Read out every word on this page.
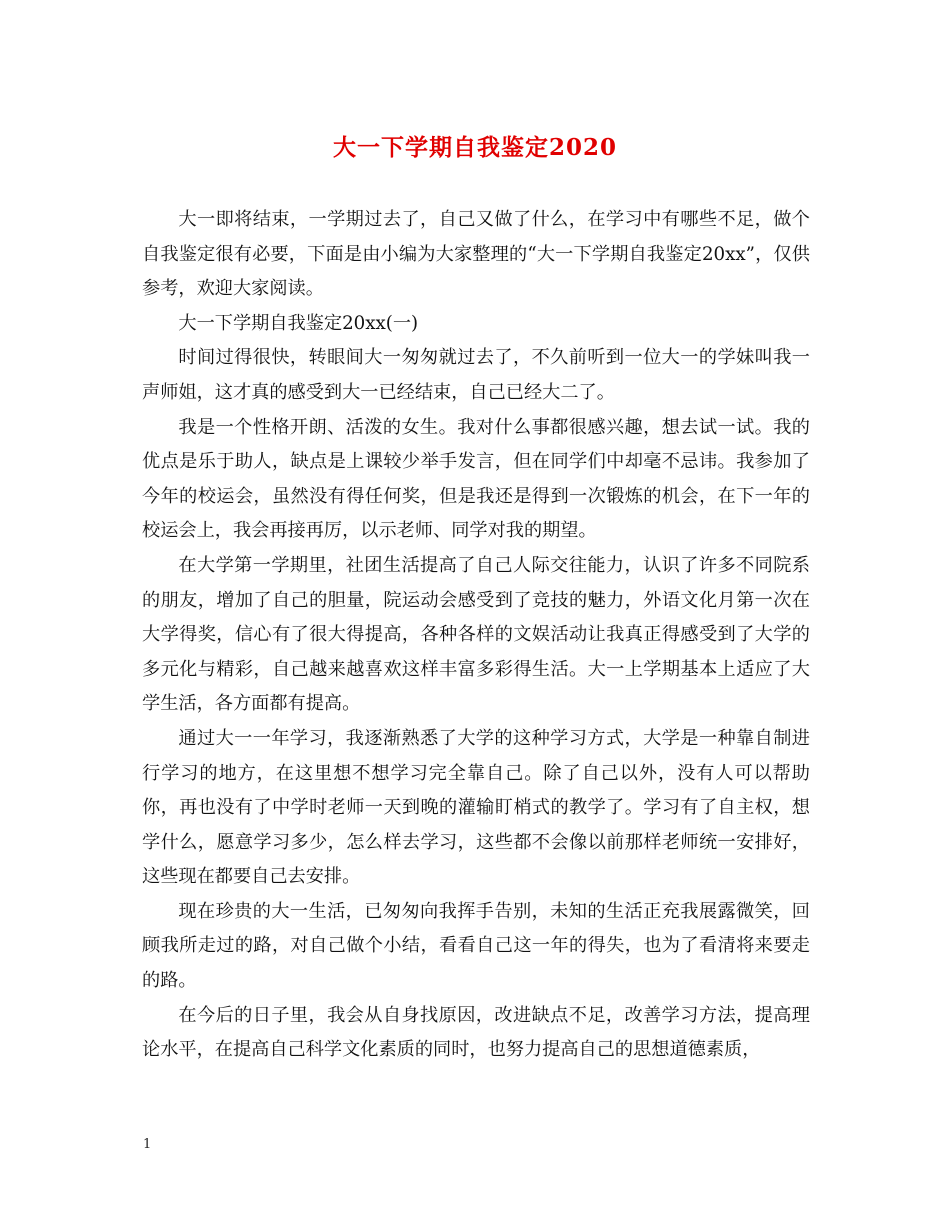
大一下学期自我鉴定2020

大一即将结束，一学期过去了，自己又做了什么，在学习中有哪些不足，做个自我鉴定很有必要，下面是由小编为大家整理的“大一下学期自我鉴定20xx”，仅供参考，欢迎大家阅读。

大一下学期自我鉴定20xx(一)

时间过得很快，转眼间大一匆匆就过去了，不久前听到一位大一的学妹叫我一声师姐，这才真的感受到大一已经结束，自己已经大二了。

我是一个性格开朗、活泼的女生。我对什么事都很感兴趣，想去试一试。我的优点是乐于助人，缺点是上课较少举手发言，但在同学们中却毫不忌讳。我参加了今年的校运会，虽然没有得任何奖，但是我还是得到一次锻炼的机会，在下一年的校运会上，我会再接再厉，以示老师、同学对我的期望。

在大学第一学期里，社团生活提高了自己人际交往能力，认识了许多不同院系的朋友，增加了自己的胆量，院运动会感受到了竞技的魅力，外语文化月第一次在大学得奖，信心有了很大得提高，各种各样的文娱活动让我真正得感受到了大学的多元化与精彩，自己越来越喜欢这样丰富多彩得生活。大一上学期基本上适应了大学生活，各方面都有提高。

通过大一一年学习，我逐渐熟悉了大学的这种学习方式，大学是一种靠自制进行学习的地方，在这里想不想学习完全靠自己。除了自己以外，没有人可以帮助你，再也没有了中学时老师一天到晚的灌输盯梢式的教学了。学习有了自主权，想学什么，愿意学习多少，怎么样去学习，这些都不会像以前那样老师统一安排好，这些现在都要自己去安排。

现在珍贵的大一生活，已匆匆向我挥手告别，未知的生活正充我展露微笑，回顾我所走过的路，对自己做个小结，看看自己这一年的得失，也为了看清将来要走的路。

在今后的日子里，我会从自身找原因，改进缺点不足，改善学习方法，提高理论水平，在提高自己科学文化素质的同时，也努力提高自己的思想道德素质，

1
